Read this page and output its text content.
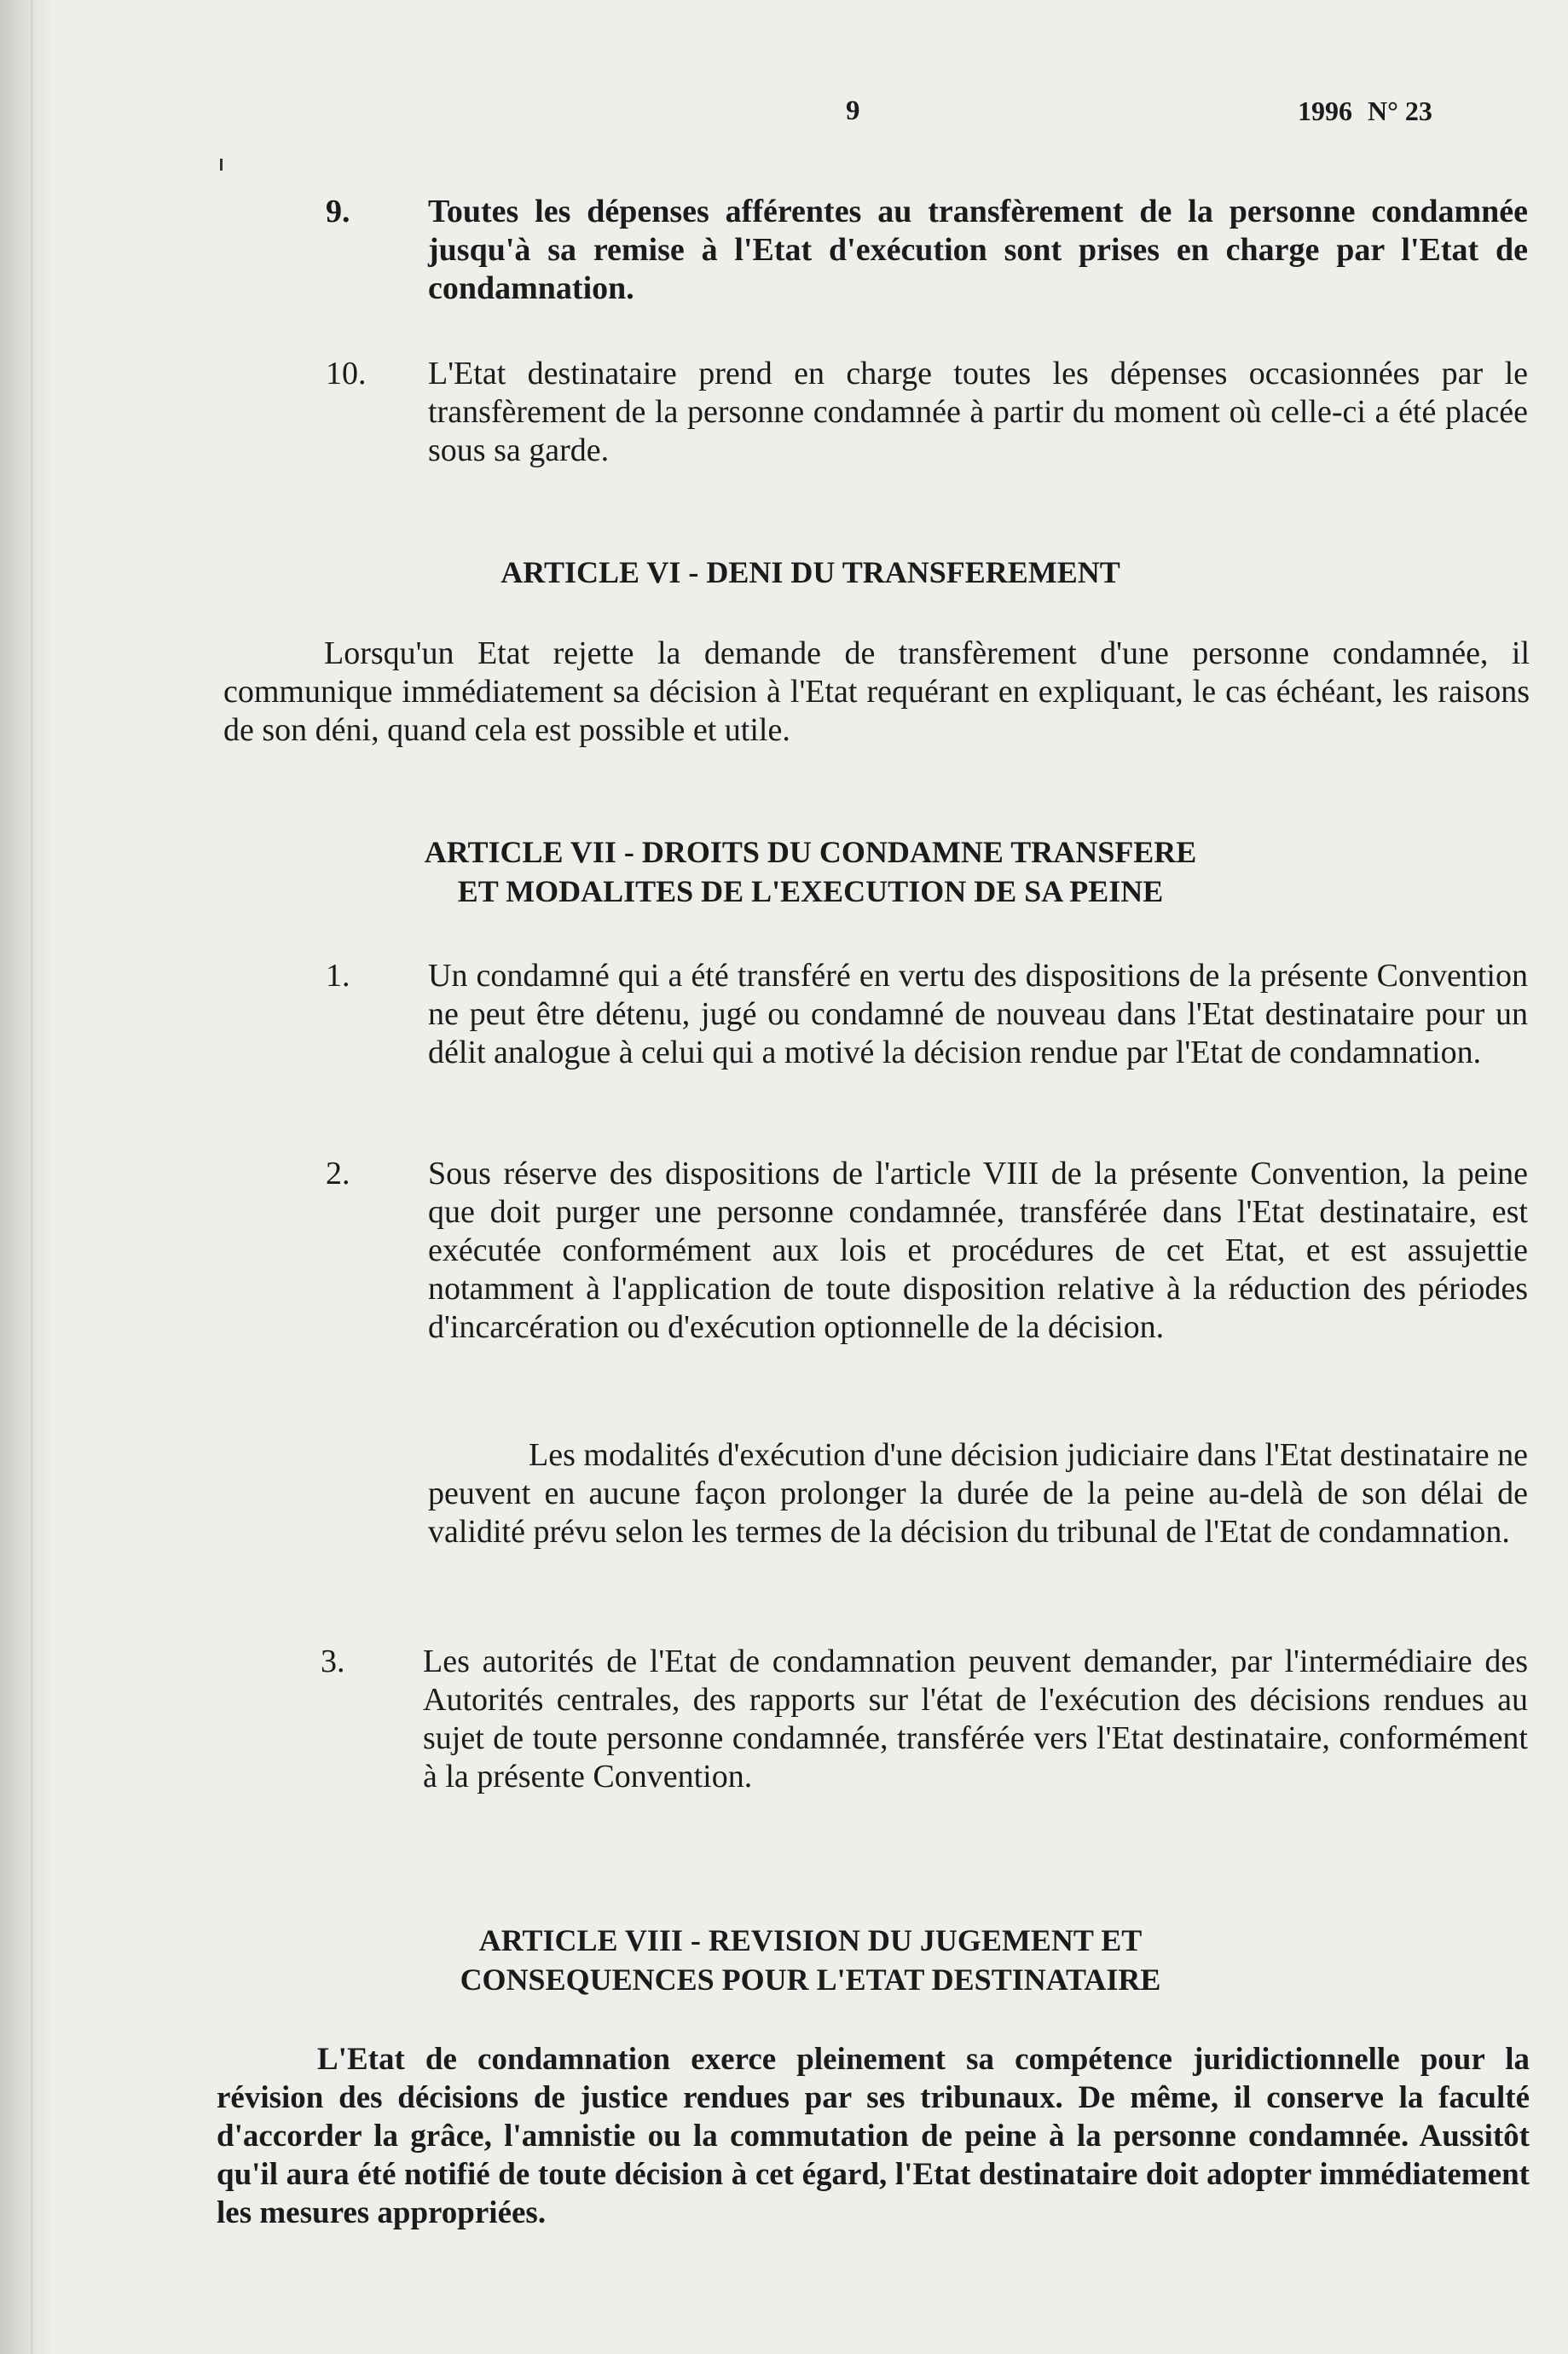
9	1996 N° 23
9. Toutes les dépenses afférentes au transfèrement de la personne condamnée jusqu'à sa remise à l'Etat d'exécution sont prises en charge par l'Etat de condamnation.
10. L'Etat destinataire prend en charge toutes les dépenses occasionnées par le transfèrement de la personne condamnée à partir du moment où celle-ci a été placée sous sa garde.
ARTICLE VI - DENI DU TRANSFEREMENT
Lorsqu'un Etat rejette la demande de transfèrement d'une personne condamnée, il communique immédiatement sa décision à l'Etat requérant en expliquant, le cas échéant, les raisons de son déni, quand cela est possible et utile.
ARTICLE VII - DROITS DU CONDAMNE TRANSFERE
ET MODALITES DE L'EXECUTION DE SA PEINE
1. Un condamné qui a été transféré en vertu des dispositions de la présente Convention ne peut être détenu, jugé ou condamné de nouveau dans l'Etat destinataire pour un délit analogue à celui qui a motivé la décision rendue par l'Etat de condamnation.
2. Sous réserve des dispositions de l'article VIII de la présente Convention, la peine que doit purger une personne condamnée, transférée dans l'Etat destinataire, est exécutée conformément aux lois et procédures de cet Etat, et est assujettie notamment à l'application de toute disposition relative à la réduction des périodes d'incarcération ou d'exécution optionnelle de la décision.
Les modalités d'exécution d'une décision judiciaire dans l'Etat destinataire ne peuvent en aucune façon prolonger la durée de la peine au-delà de son délai de validité prévu selon les termes de la décision du tribunal de l'Etat de condamnation.
3. Les autorités de l'Etat de condamnation peuvent demander, par l'intermédiaire des Autorités centrales, des rapports sur l'état de l'exécution des décisions rendues au sujet de toute personne condamnée, transférée vers l'Etat destinataire, conformément à la présente Convention.
ARTICLE VIII - REVISION DU JUGEMENT ET
CONSEQUENCES POUR L'ETAT DESTINATAIRE
L'Etat de condamnation exerce pleinement sa compétence juridictionnelle pour la révision des décisions de justice rendues par ses tribunaux. De même, il conserve la faculté d'accorder la grâce, l'amnistie ou la commutation de peine à la personne condamnée. Aussitôt qu'il aura été notifié de toute décision à cet égard, l'Etat destinataire doit adopter immédiatement les mesures appropriées.
